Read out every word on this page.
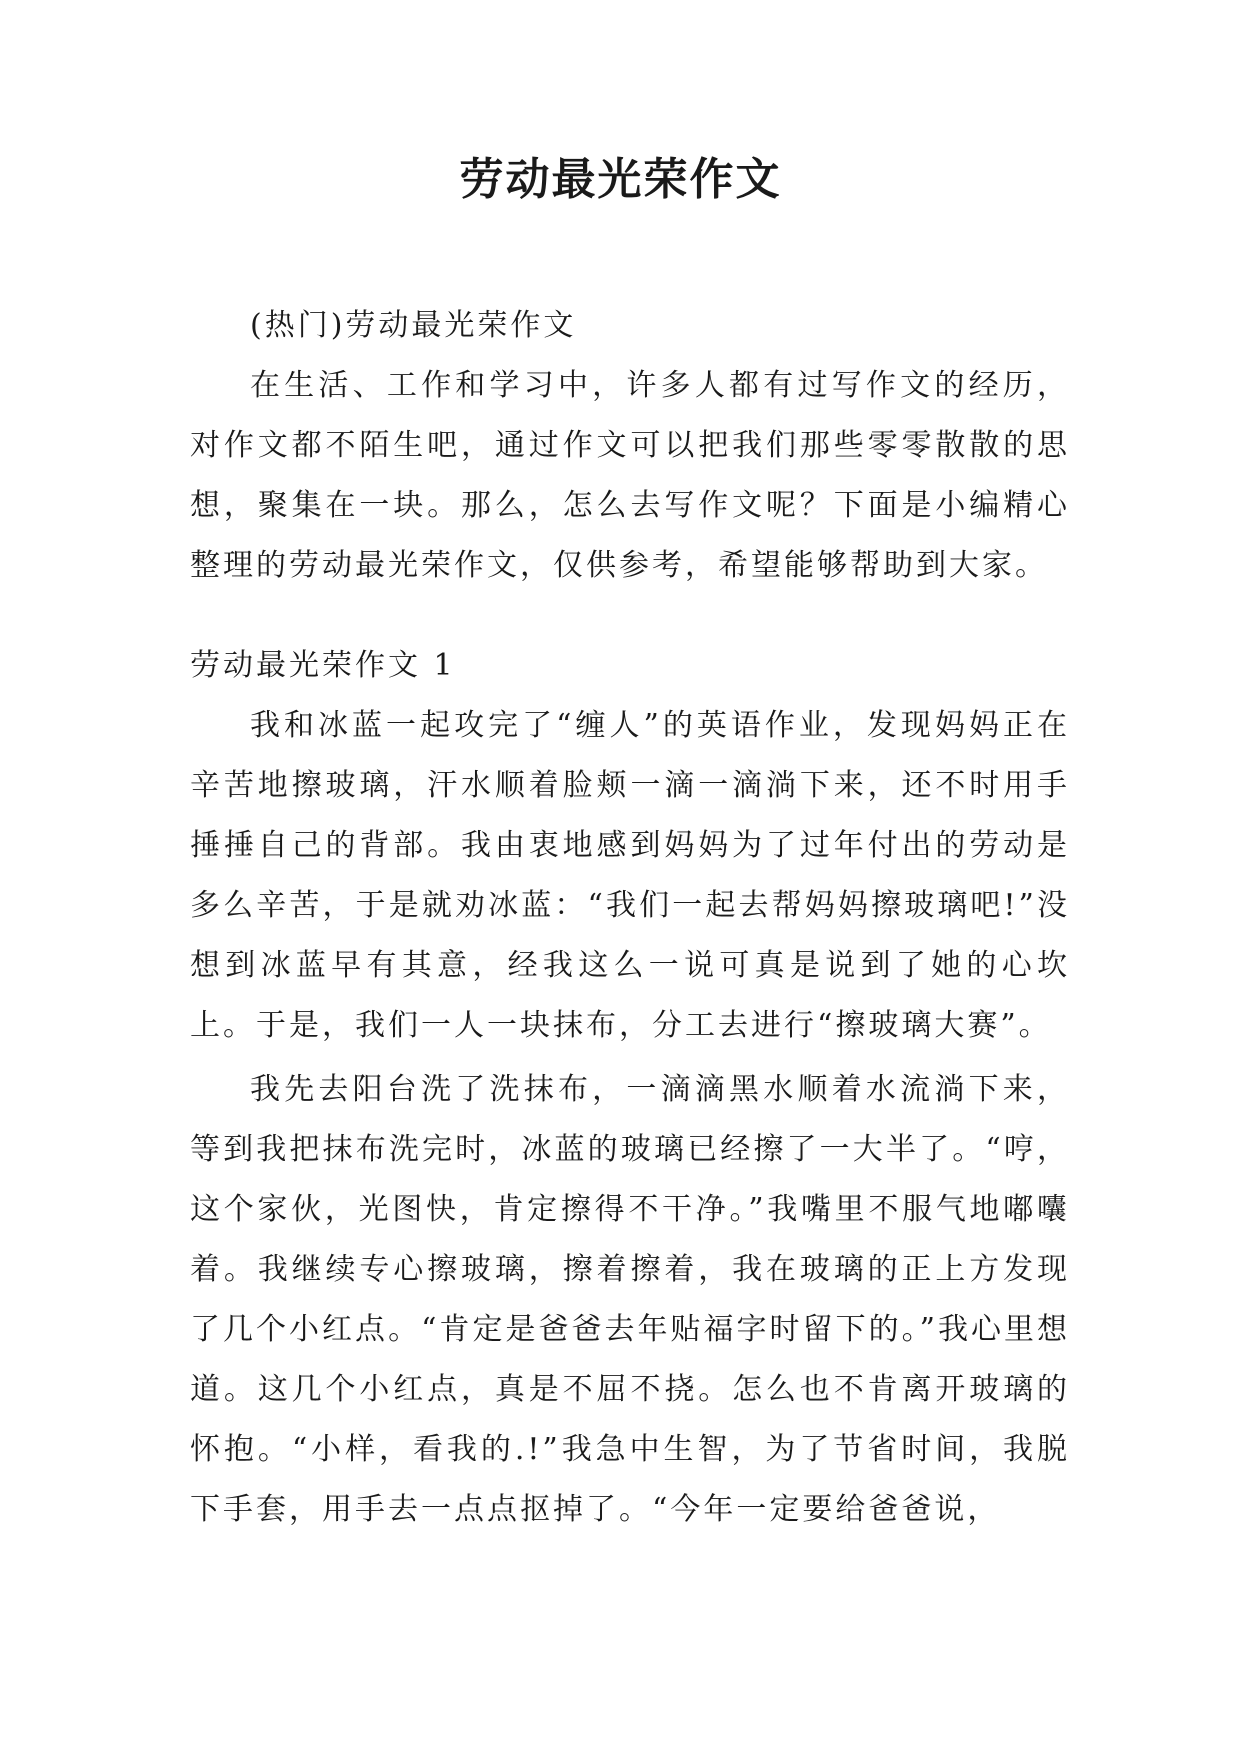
劳动最光荣作文

(热门)劳动最光荣作文

在生活、工作和学习中，许多人都有过写作文的经历，对作文都不陌生吧，通过作文可以把我们那些零零散散的思想，聚集在一块。那么，怎么去写作文呢？下面是小编精心整理的劳动最光荣作文，仅供参考，希望能够帮助到大家。

劳动最光荣作文 1

我和冰蓝一起攻完了“缠人”的英语作业，发现妈妈正在辛苦地擦玻璃，汗水顺着脸颊一滴一滴淌下来，还不时用手捶捶自己的背部。我由衷地感到妈妈为了过年付出的劳动是多么辛苦，于是就劝冰蓝：“我们一起去帮妈妈擦玻璃吧!”没想到冰蓝早有其意，经我这么一说可真是说到了她的心坎上。于是，我们一人一块抹布，分工去进行“擦玻璃大赛”。

我先去阳台洗了洗抹布，一滴滴黑水顺着水流淌下来，等到我把抹布洗完时，冰蓝的玻璃已经擦了一大半了。“哼，这个家伙，光图快，肯定擦得不干净。”我嘴里不服气地嘟囔着。我继续专心擦玻璃，擦着擦着，我在玻璃的正上方发现了几个小红点。“肯定是爸爸去年贴福字时留下的。”我心里想道。这几个小红点，真是不屈不挠。怎么也不肯离开玻璃的怀抱。“小样，看我的.!”我急中生智，为了节省时间，我脱下手套，用手去一点点抠掉了。“今年一定要给爸爸说，
